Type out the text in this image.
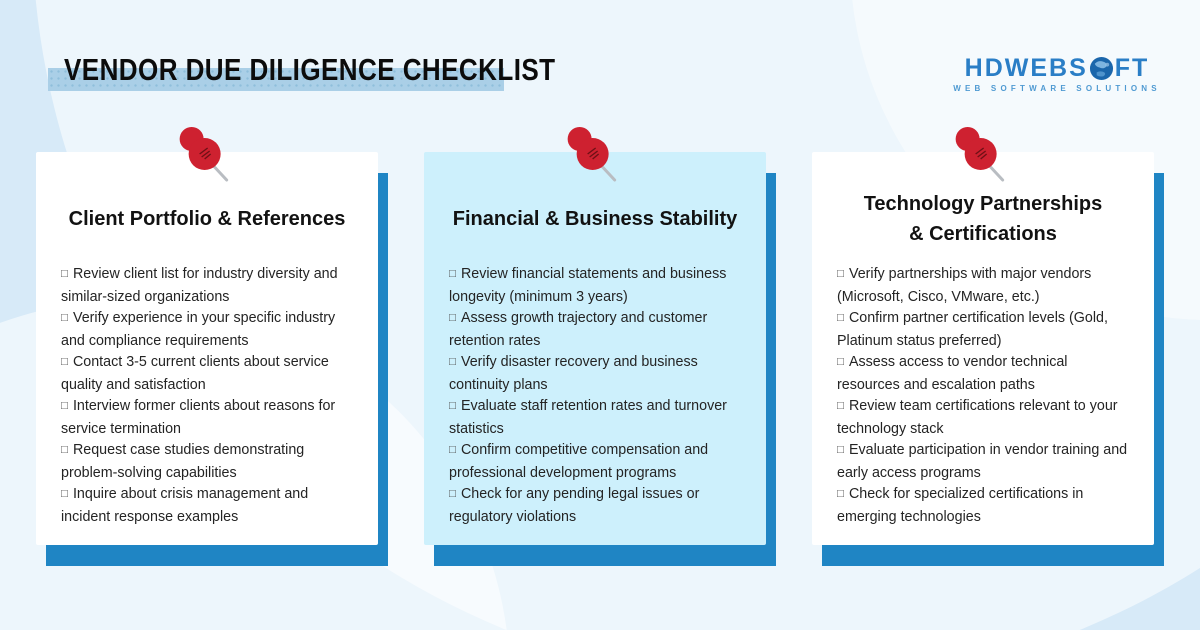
VENDOR DUE DILIGENCE CHECKLIST	HDWEBS FT
WEB SOFTWARE SOLUTIONS
Client Portfolio & References
□ Review client list for industry diversity and similar-sized organizations
□ Verify experience in your specific industry and compliance requirements
□ Contact 3-5 current clients about service quality and satisfaction
□ Interview former clients about reasons for service termination
□ Request case studies demonstrating problem-solving capabilities
□ Inquire about crisis management and incident response examples
Financial & Business Stability
□ Review financial statements and business longevity (minimum 3 years)
□ Assess growth trajectory and customer retention rates
□ Verify disaster recovery and business continuity plans
□ Evaluate staff retention rates and turnover statistics
□ Confirm competitive compensation and professional development programs
□ Check for any pending legal issues or regulatory violations
Technology Partnerships
& Certifications
□ Verify partnerships with major vendors (Microsoft, Cisco, VMware, etc.)
□ Confirm partner certification levels (Gold, Platinum status preferred)
□ Assess access to vendor technical resources and escalation paths
□ Review team certifications relevant to your technology stack
□ Evaluate participation in vendor training and early access programs
□ Check for specialized certifications in emerging technologies
